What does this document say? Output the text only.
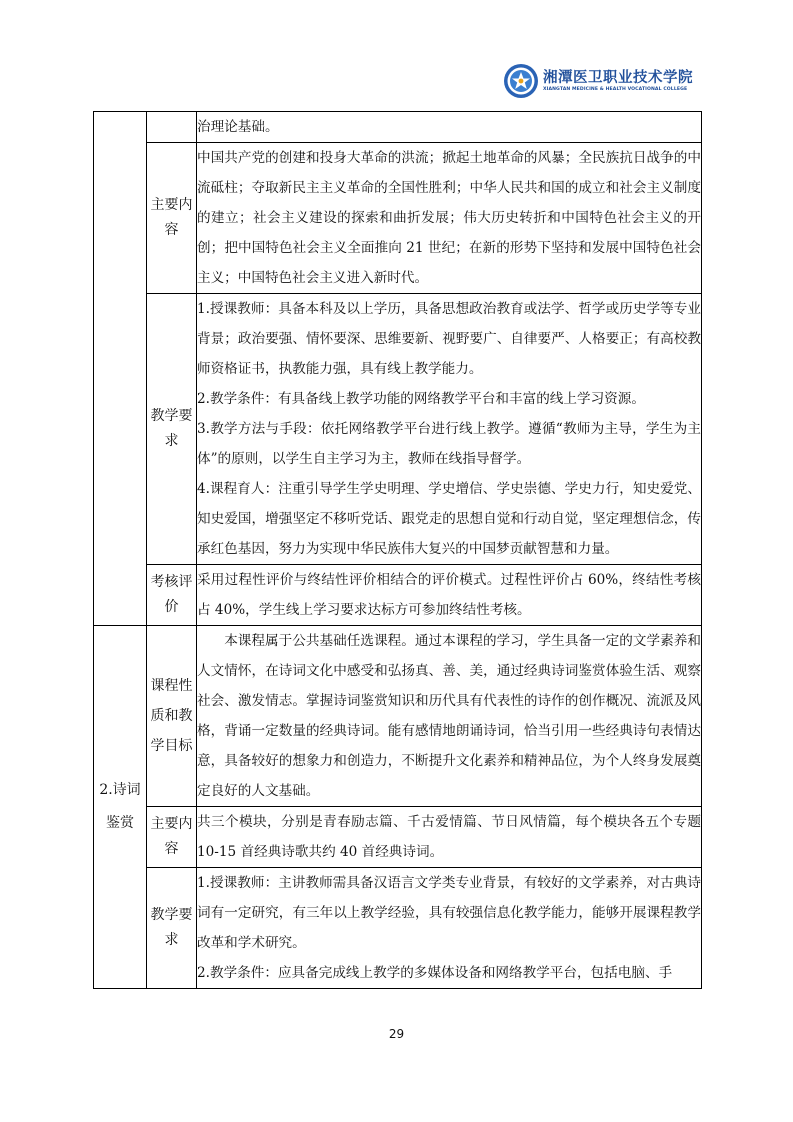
湘潭医卫职业技术学院
XIANGTAN MEDICINE & HEALTH VOCATIONAL COLLEGE

		治理论基础。

	主要内容	中国共产党的创建和投身大革命的洪流；掀起土地革命的风暴；全民族抗日战争的中流砥柱；夺取新民主主义革命的全国性胜利；中华人民共和国的成立和社会主义制度的建立；社会主义建设的探索和曲折发展；伟大历史转折和中国特色社会主义的开创；把中国特色社会主义全面推向 21 世纪；在新的形势下坚持和发展中国特色社会主义；中国特色社会主义进入新时代。

	教学要求	1.授课教师：具备本科及以上学历，具备思想政治教育或法学、哲学或历史学等专业背景；政治要强、情怀要深、思维要新、视野要广、自律要严、人格要正；有高校教师资格证书，执教能力强，具有线上教学能力。

2.教学条件：有具备线上教学功能的网络教学平台和丰富的线上学习资源。

3.教学方法与手段：依托网络教学平台进行线上教学。遵循“教师为主导，学生为主体”的原则，以学生自主学习为主，教师在线指导督学。

4.课程育人：注重引导学生学史明理、学史增信、学史崇德、学史力行，知史爱党、知史爱国，增强坚定不移听党话、跟党走的思想自觉和行动自觉，坚定理想信念，传承红色基因，努力为实现中华民族伟大复兴的中国梦贡献智慧和力量。

	考核评价	采用过程性评价与终结性评价相结合的评价模式。过程性评价占 60%，终结性考核占 40%，学生线上学习要求达标方可参加终结性考核。

2.诗词鉴赏	课程性质和教学目标	本课程属于公共基础任选课程。通过本课程的学习，学生具备一定的文学素养和人文情怀，在诗词文化中感受和弘扬真、善、美，通过经典诗词鉴赏体验生活、观察社会、激发情志。掌握诗词鉴赏知识和历代具有代表性的诗作的创作概况、流派及风格，背诵一定数量的经典诗词。能有感情地朗诵诗词，恰当引用一些经典诗句表情达意，具备较好的想象力和创造力，不断提升文化素养和精神品位，为个人终身发展奠定良好的人文基础。

	主要内容	共三个模块，分别是青春励志篇、千古爱情篇、节日风情篇，每个模块各五个专题 10-15 首经典诗歌共约 40 首经典诗词。

	教学要求	1.授课教师：主讲教师需具备汉语言文学类专业背景，有较好的文学素养，对古典诗词有一定研究，有三年以上教学经验，具有较强信息化教学能力，能够开展课程教学改革和学术研究。

2.教学条件：应具备完成线上教学的多媒体设备和网络教学平台，包括电脑、手

29
